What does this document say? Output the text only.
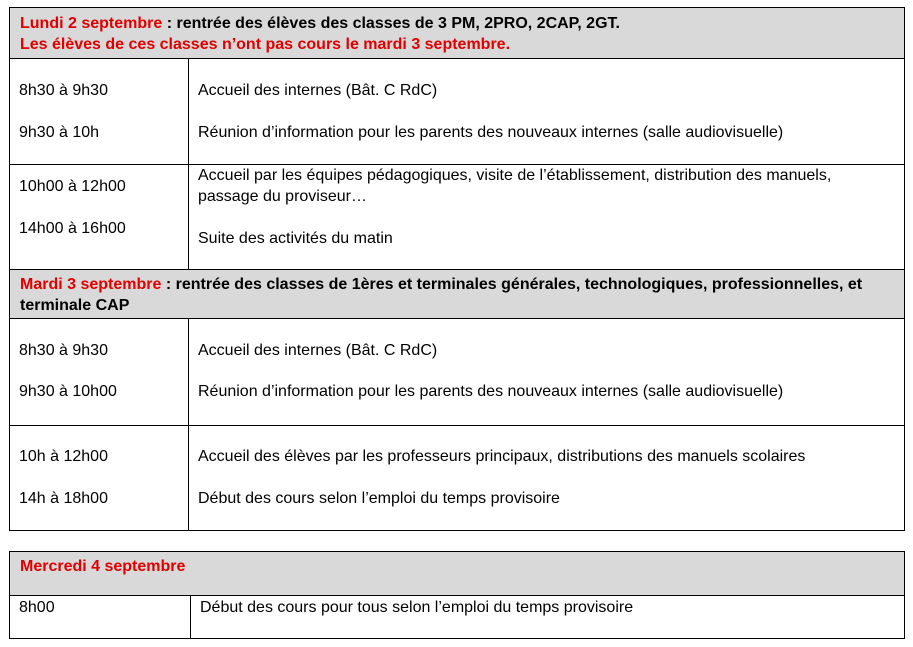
Lundi 2 septembre : rentrée des élèves des classes de 3 PM, 2PRO, 2CAP, 2GT.
Les élèves de ces classes n’ont pas cours le mardi 3 septembre.
8h30 à 9h30
9h30 à 10h
Accueil des internes (Bât. C RdC)
Réunion d’information pour les parents des nouveaux internes (salle audiovisuelle)
10h00 à 12h00
14h00 à 16h00
Accueil par les équipes pédagogiques, visite de l’établissement, distribution des manuels, passage du proviseur…
Suite des activités du matin
Mardi 3 septembre : rentrée des classes de 1ères et terminales générales, technologiques, professionnelles, et terminale CAP
8h30 à 9h30
9h30 à 10h00
Accueil des internes (Bât. C RdC)
Réunion d’information pour les parents des nouveaux internes (salle audiovisuelle)
10h à 12h00
14h à 18h00
Accueil des élèves par les professeurs principaux, distributions des manuels scolaires
Début des cours selon l’emploi du temps provisoire
Mercredi 4 septembre
8h00	Début des cours pour tous selon l’emploi du temps provisoire
